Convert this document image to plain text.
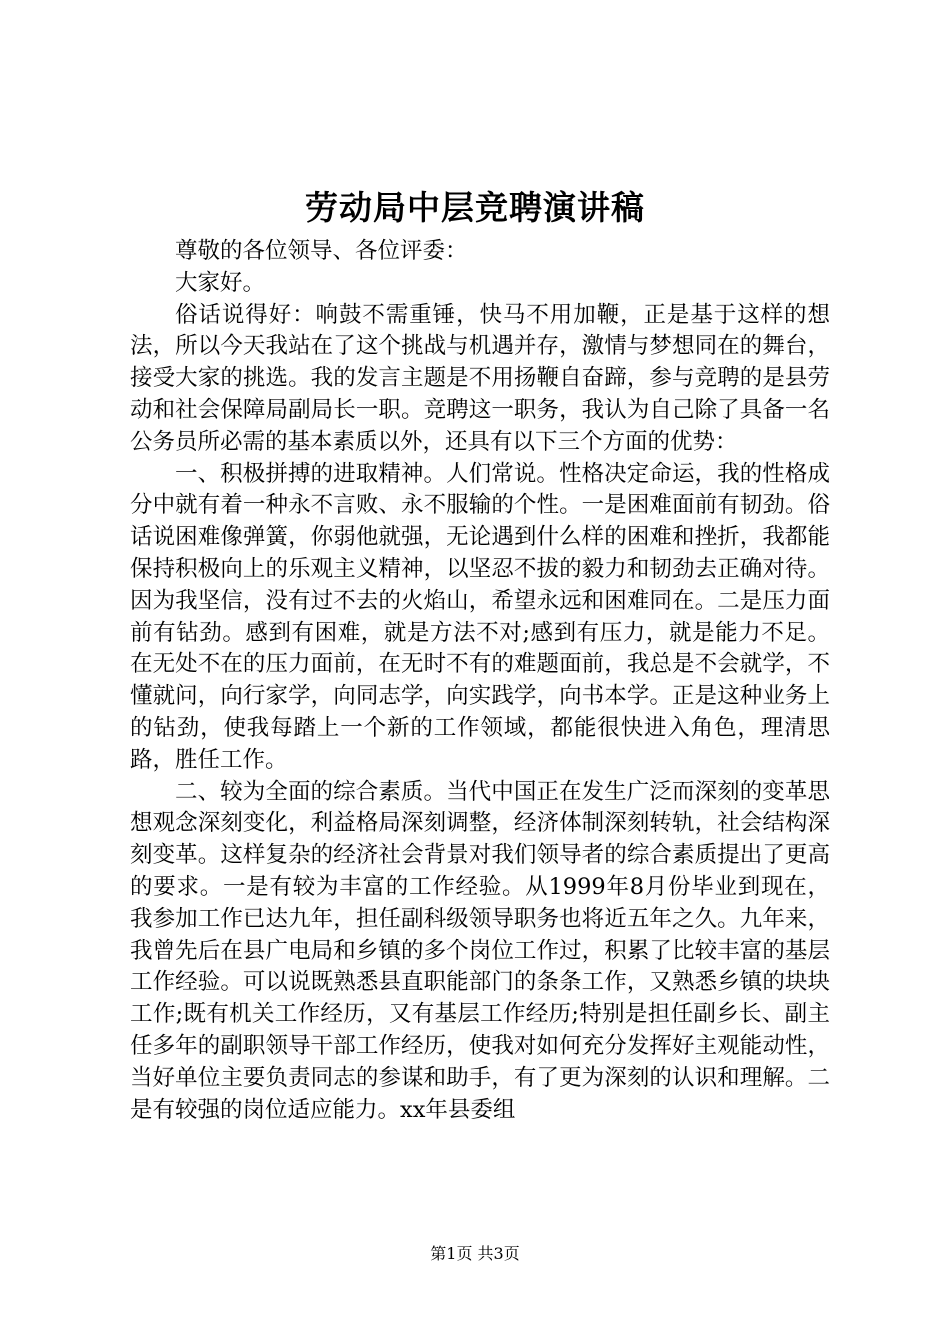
劳动局中层竞聘演讲稿

尊敬的各位领导、各位评委：

大家好。

俗话说得好：响鼓不需重锤，快马不用加鞭，正是基于这样的想法，所以今天我站在了这个挑战与机遇并存，激情与梦想同在的舞台，接受大家的挑选。我的发言主题是不用扬鞭自奋蹄，参与竞聘的是县劳动和社会保障局副局长一职。竞聘这一职务，我认为自己除了具备一名公务员所必需的基本素质以外，还具有以下三个方面的优势：

一、积极拼搏的进取精神。人们常说。性格决定命运，我的性格成分中就有着一种永不言败、永不服输的个性。一是困难面前有韧劲。俗话说困难像弹簧，你弱他就强，无论遇到什么样的困难和挫折，我都能保持积极向上的乐观主义精神，以坚忍不拔的毅力和韧劲去正确对待。因为我坚信，没有过不去的火焰山，希望永远和困难同在。二是压力面前有钻劲。感到有困难，就是方法不对;感到有压力，就是能力不足。在无处不在的压力面前，在无时不有的难题面前，我总是不会就学，不懂就问，向行家学，向同志学，向实践学，向书本学。正是这种业务上的钻劲，使我每踏上一个新的工作领域，都能很快进入角色，理清思路，胜任工作。

二、较为全面的综合素质。当代中国正在发生广泛而深刻的变革思想观念深刻变化，利益格局深刻调整，经济体制深刻转轨，社会结构深刻变革。这样复杂的经济社会背景对我们领导者的综合素质提出了更高的要求。一是有较为丰富的工作经验。从1999年8月份毕业到现在，我参加工作已达九年，担任副科级领导职务也将近五年之久。九年来，我曾先后在县广电局和乡镇的多个岗位工作过，积累了比较丰富的基层工作经验。可以说既熟悉县直职能部门的条条工作，又熟悉乡镇的块块工作;既有机关工作经历，又有基层工作经历;特别是担任副乡长、副主任多年的副职领导干部工作经历，使我对如何充分发挥好主观能动性，当好单位主要负责同志的参谋和助手，有了更为深刻的认识和理解。二是有较强的岗位适应能力。xx年县委组

第1页 共3页
